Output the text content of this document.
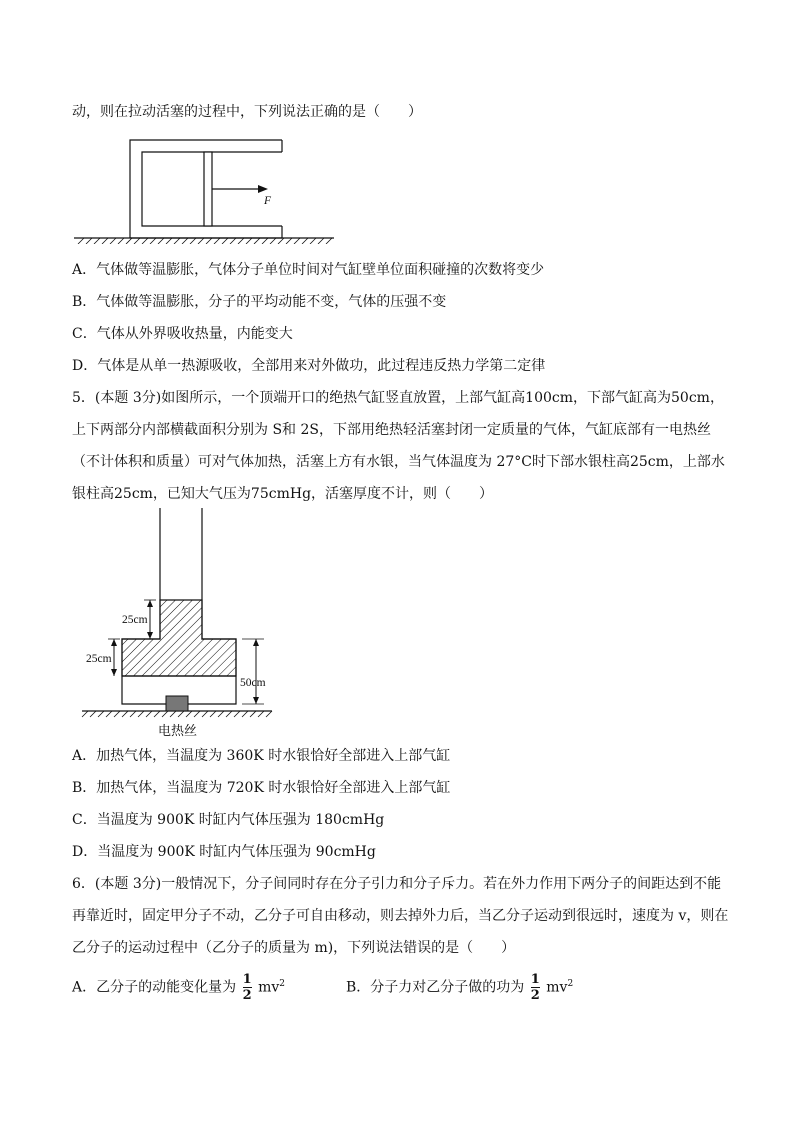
动，则在拉动活塞的过程中，下列说法正确的是（　　）
F
A．气体做等温膨胀，气体分子单位时间对气缸壁单位面积碰撞的次数将变少
B．气体做等温膨胀，分子的平均动能不变，气体的压强不变
C．气体从外界吸收热量，内能变大
D．气体是从单一热源吸收，全部用来对外做功，此过程违反热力学第二定律
5．(本题 3分)如图所示，一个顶端开口的绝热气缸竖直放置，上部气缸高100cm，下部气缸高为50cm，
上下两部分内部横截面积分别为 S和 2S，下部用绝热轻活塞封闭一定质量的气体，气缸底部有一电热丝
（不计体积和质量）可对气体加热，活塞上方有水银，当气体温度为 27°C时下部水银柱高25cm，上部水
银柱高25cm，已知大气压为75cmHg，活塞厚度不计，则（　　）
25cm
25cm
50cm
电热丝
A．加热气体，当温度为 360K 时水银恰好全部进入上部气缸
B．加热气体，当温度为 720K 时水银恰好全部进入上部气缸
C．当温度为 900K 时缸内气体压强为 180cmHg
D．当温度为 900K 时缸内气体压强为 90cmHg
6．(本题 3分)一般情况下，分子间同时存在分子引力和分子斥力。若在外力作用下两分子的间距达到不能
再靠近时，固定甲分子不动，乙分子可自由移动，则去掉外力后，当乙分子运动到很远时，速度为 v，则在
乙分子的运动过程中（乙分子的质量为 m)，下列说法错误的是（　　）
A．乙分子的动能变化量为 $\frac{1}{2} mv^2$	B．分子力对乙分子做的功为 $\frac{1}{2} mv^2$
